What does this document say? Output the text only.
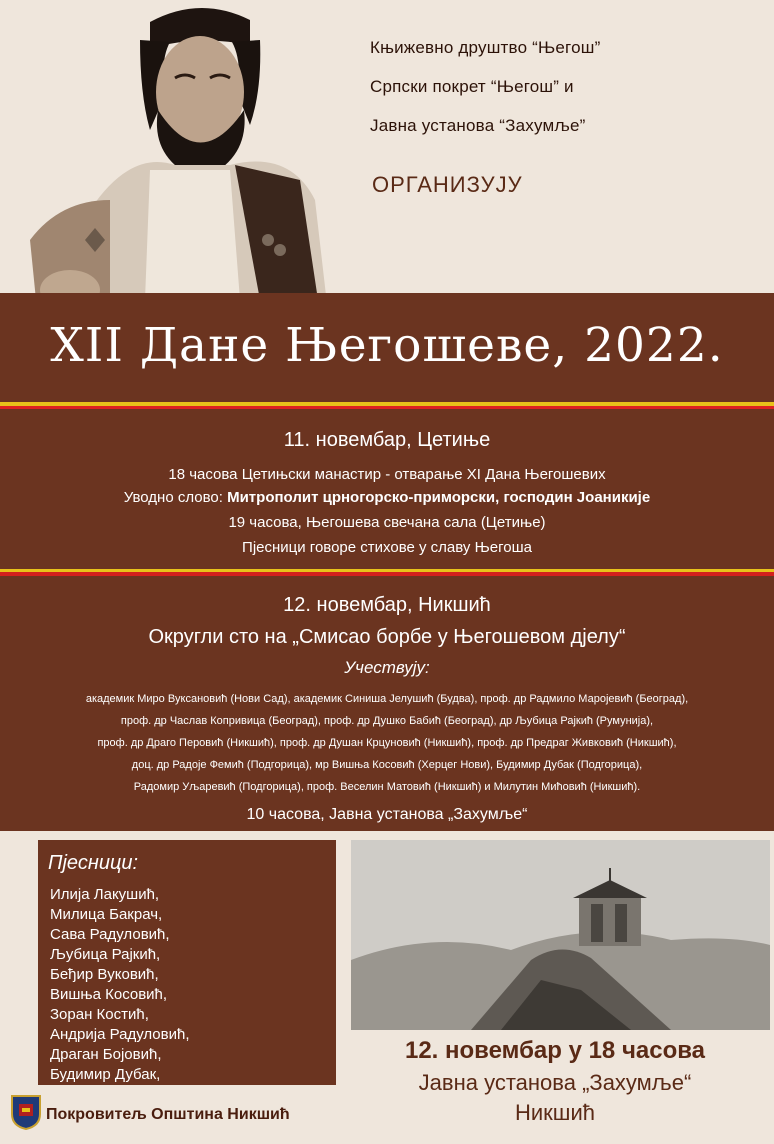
Књижевно друштво “Његош”
Српски покрет “Његош” и
Јавна установа “Захумље”
ОРГАНИЗУЈУ
XII Дане Његошеве, 2022.
11. новембар, Цетиње
18 часова Цетињски манастир - отварање XI Дана Његошевих
Уводно слово: Митрополит црногорско-приморски, господин Јоаникије
19 часова, Његошева свечана сала (Цетиње)
Пјесници говоре стихове у славу Његоша
12. новембар, Никшић
Округли сто на „Смисао борбе у Његошевом дјелу“
Учествују:
академик Миро Вуксановић (Нови Сад), академик Синиша Јелушић (Будва), проф. др Радмило Маројевић (Београд),
проф. др Часлав Копривица (Београд), проф. др Душко Бабић (Београд), др Љубица Рајкић (Румунија),
проф. др Драго Перовић (Никшић), проф. др Душан Крцуновић (Никшић), проф. др Предраг Живковић (Никшић),
доц. др Радоје Фемић (Подгорица), мр Вишња Косовић (Херцег Нови), Будимир Дубак (Подгорица),
Радомир Уљаревић (Подгорица), проф. Веселин Матовић (Никшић) и Милутин Мићовић (Никшић).
10 часова, Јавна установа „Захумље“
Пјесници:
Илија Лакушић,
Милица Бакрач,
Сава Радуловић,
Љубица Рајкић,
Беђир Вуковић,
Вишња Косовић,
Зоран Костић,
Андрија Радуловић,
Драган Бојовић,
Будимир Дубак,
12. новембар у 18 часова
Јавна установа „Захумље“
Никшић
Покровитељ Општина Никшић
